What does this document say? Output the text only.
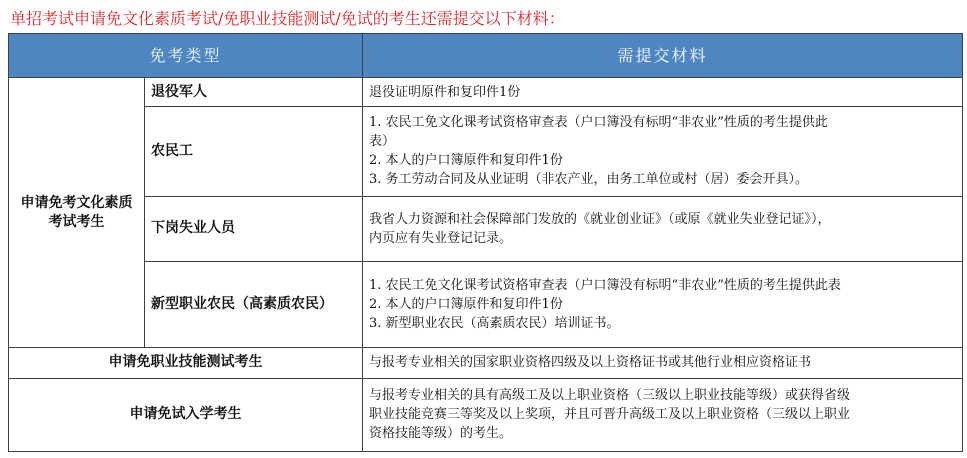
单招考试申请免文化素质考试/免职业技能测试/免试的考生还需提交以下材料：
免考类型		需提交材料
申请免考文化素质
考试考生	退役军人	退役证明原件和复印件1份

	农民工	1. 农民工免文化课考试资格审查表（户口簿没有标明“非农业”性质的考生提供此
表）
2. 本人的户口簿原件和复印件1份
3. 务工劳动合同及从业证明（非农产业，由务工单位或村（居）委会开具）。

	下岗失业人员	我省人力资源和社会保障部门发放的《就业创业证》（或原《就业失业登记证》），
内页应有失业登记记录。

	新型职业农民（高素质农民）	1. 农民工免文化课考试资格审查表（户口簿没有标明“非农业”性质的考生提供此表
2. 本人的户口簿原件和复印件1份
3. 新型职业农民（高素质农民）培训证书。

申请免职业技能测试考生		与报考专业相关的国家职业资格四级及以上资格证书或其他行业相应资格证书

申请免试入学考生		与报考专业相关的具有高级工及以上职业资格（三级以上职业技能等级）或获得省级
职业技能竞赛三等奖及以上奖项，并且可晋升高级工及以上职业资格（三级以上职业
资格技能等级）的考生。
